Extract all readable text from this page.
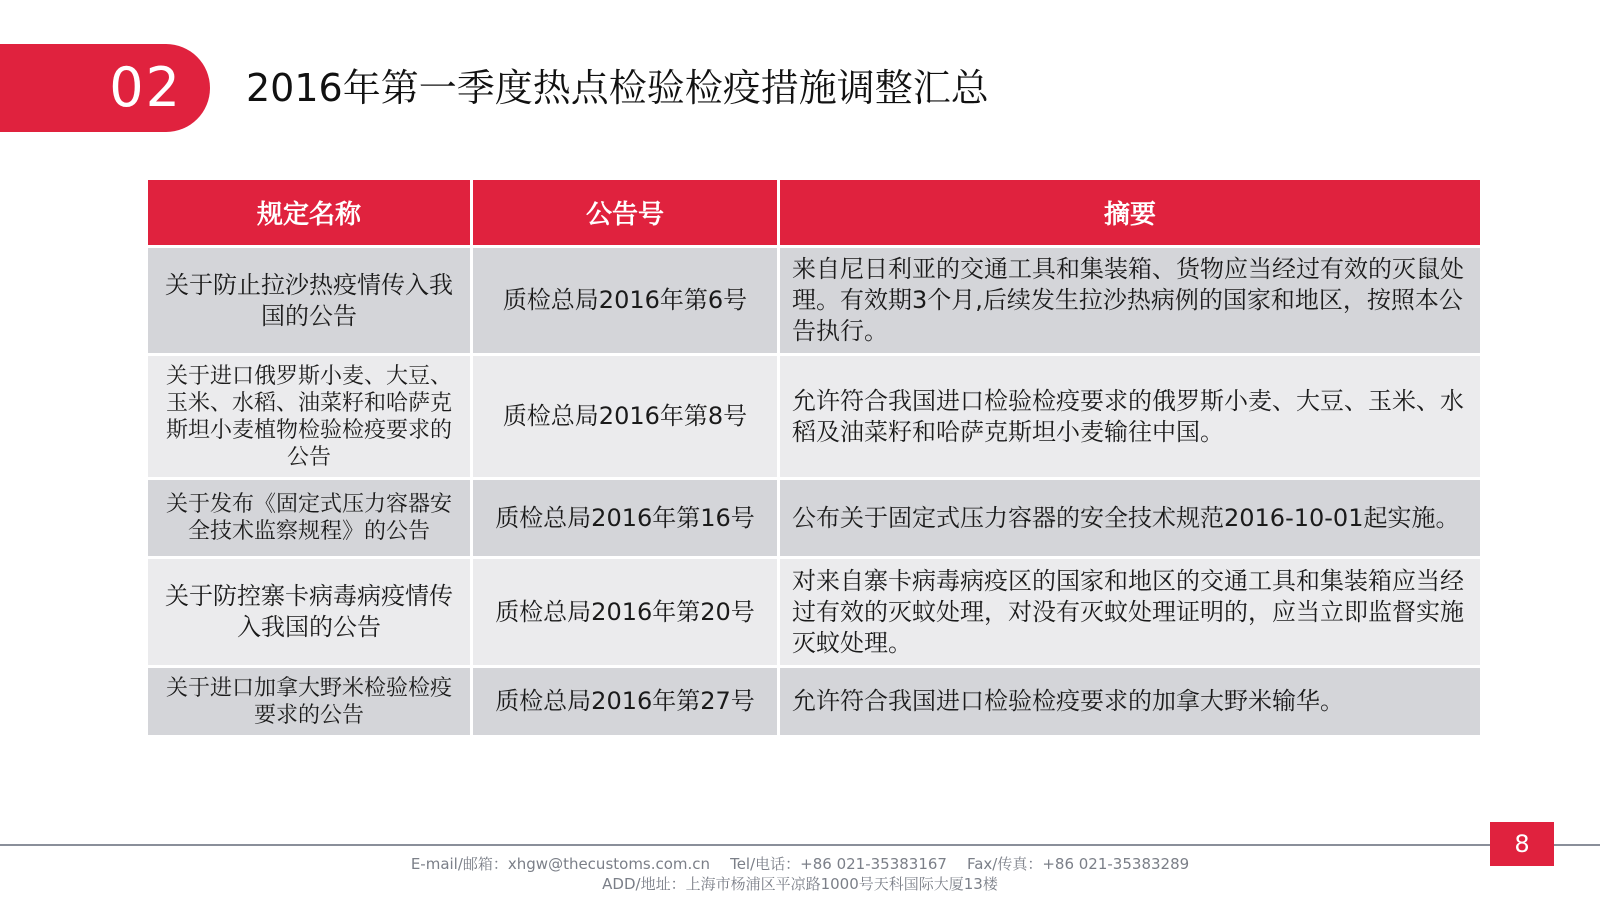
02 2016年第一季度热点检验检疫措施调整汇总
规定名称	公告号	摘要
关于防止拉沙热疫情传入我国的公告	质检总局2016年第6号	来自尼日利亚的交通工具和集装箱、货物应当经过有效的灭鼠处理。有效期3个月,后续发生拉沙热病例的国家和地区，按照本公告执行。
关于进口俄罗斯小麦、大豆、玉米、水稻、油菜籽和哈萨克斯坦小麦植物检验检疫要求的公告	质检总局2016年第8号	允许符合我国进口检验检疫要求的俄罗斯小麦、大豆、玉米、水稻及油菜籽和哈萨克斯坦小麦输往中国。
关于发布《固定式压力容器安全技术监察规程》的公告	质检总局2016年第16号	公布关于固定式压力容器的安全技术规范2016-10-01起实施。
关于防控寨卡病毒病疫情传入我国的公告	质检总局2016年第20号	对来自寨卡病毒病疫区的国家和地区的交通工具和集装箱应当经过有效的灭蚊处理，对没有灭蚊处理证明的，应当立即监督实施灭蚊处理。
关于进口加拿大野米检验检疫要求的公告	质检总局2016年第27号	允许符合我国进口检验检疫要求的加拿大野米输华。
8
E-mail/邮箱：xhgw@thecustoms.com.cn Tel/电话：+86 021-35383167 Fax/传真：+86 021-35383289
ADD/地址：上海市杨浦区平凉路1000号天科国际大厦13楼
